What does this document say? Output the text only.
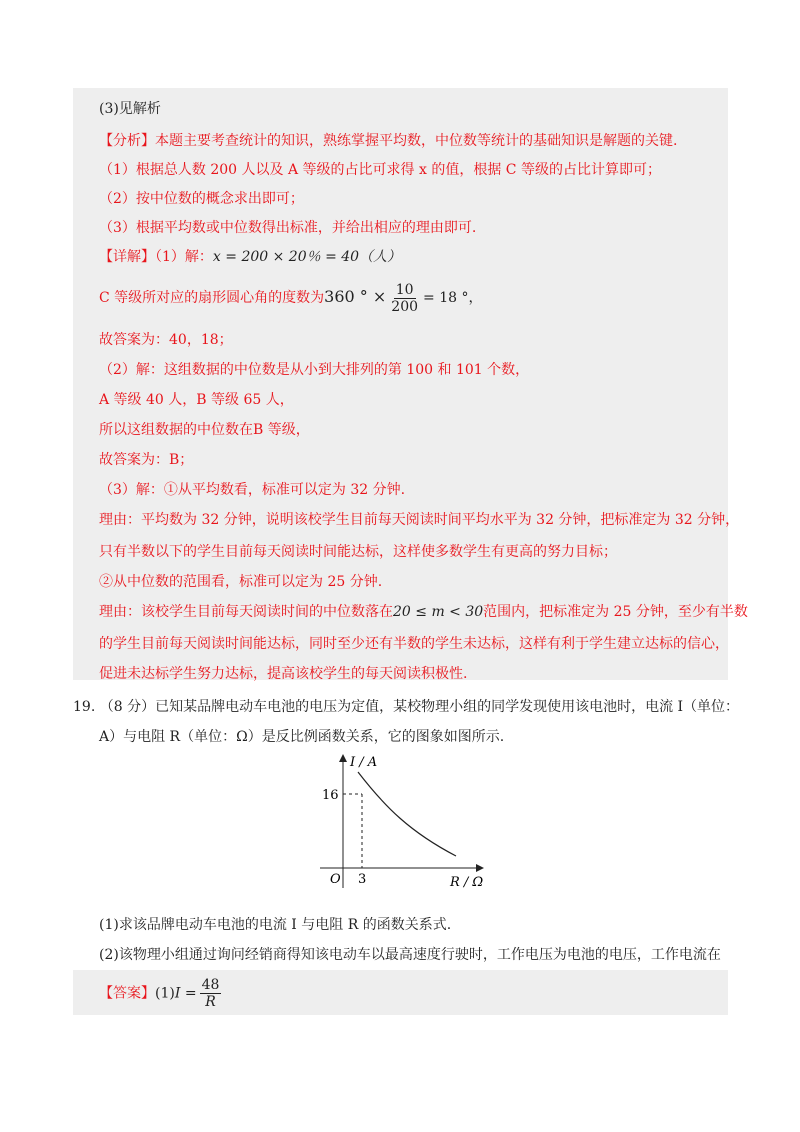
(3)见解析
【分析】本题主要考查统计的知识，熟练掌握平均数，中位数等统计的基础知识是解题的关键.
（1）根据总人数 200 人以及 A 等级的占比可求得 x 的值，根据 C 等级的占比计算即可；
（2）按中位数的概念求出即可；
（3）根据平均数或中位数得出标准，并给出相应的理由即可.
【详解】（1）解：x = 200 × 20％ = 40（人）
C 等级所对应的扇形圆心角的度数为360 ° × $\frac{10}{200} = 18$ °，
故答案为：40，18；
（2）解：这组数据的中位数是从小到大排列的第 100 和 101 个数，
A 等级 40 人，B 等级 65 人，
所以这组数据的中位数在B 等级，
故答案为：B；
（3）解：①从平均数看，标准可以定为 32 分钟.
理由：平均数为 32 分钟，说明该校学生目前每天阅读时间平均水平为 32 分钟，把标准定为 32 分钟，
只有半数以下的学生目前每天阅读时间能达标，这样使多数学生有更高的努力目标；
②从中位数的范围看，标准可以定为 25 分钟.
理由：该校学生目前每天阅读时间的中位数落在20 ≤ m < 30范围内，把标准定为 25 分钟，至少有半数
的学生目前每天阅读时间能达标，同时至少还有半数的学生未达标，这样有利于学生建立达标的信心，
促进未达标学生努力达标，提高该校学生的每天阅读积极性.
19. （8 分）已知某品牌电动车电池的电压为定值，某校物理小组的同学发现使用该电池时，电流 I（单位：
A）与电阻 R（单位：Ω）是反比例函数关系，它的图象如图所示.
I / A
16
O 3	R / Ω
(1)求该品牌电动车电池的电流 I 与电阻 R 的函数关系式.
(2)该物理小组通过询问经销商得知该电动车以最高速度行驶时，工作电压为电池的电压，工作电流在
【答案】$(1)I = \frac{48}{R}$
